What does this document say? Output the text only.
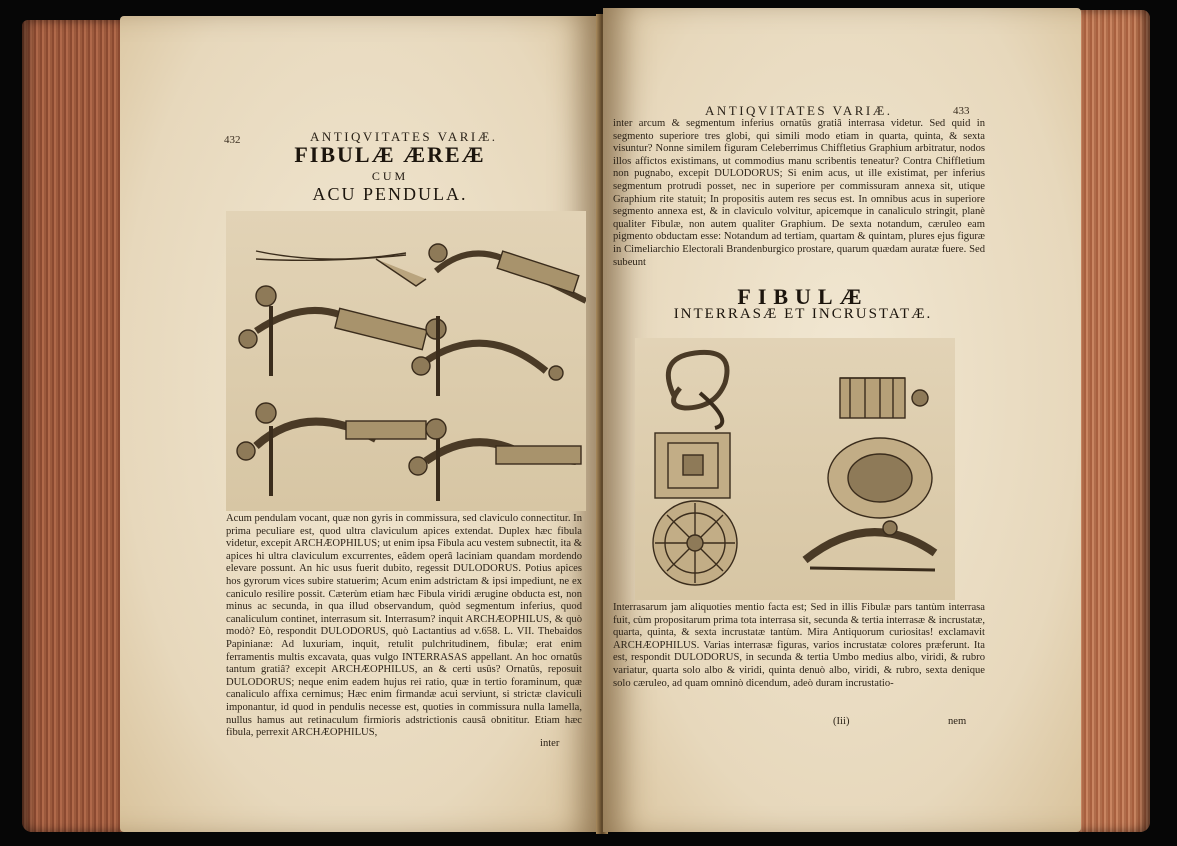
432	ANTIQVITATES VARIÆ.
FIBULÆ ÆREÆ
CUM
ACU PENDULA.
Acum pendulam vocant, quæ non gyris in commissura, sed claviculo connectitur. In prima peculiare est, quod ultra claviculum apices extendat. Duplex hæc fibula videtur, excepit ARCHÆOPHILUS; ut enim ipsa Fibula acu vestem subnectit, ita & apices hi ultra claviculum excurrentes, eâdem operâ laciniam quandam mordendo elevare possunt. An hic usus fuerit dubito, regessit DULODORUS. Potius apices hos gyrorum vices subire statuerim; Acum enim adstrictam & ipsi impediunt, ne ex caniculo resilire possit. Cæterùm etiam hæc Fibula viridi ærugine obducta est, non minus ac secunda, in qua illud observandum, quòd segmentum inferius, quod canaliculum continet, interrasum sit. Interrasum? inquit ARCHÆOPHILUS, & quò modò? Eò, respondit DULODORUS, quò Lactantius ad v.658. L. VII. Thebaidos Papinianæ: Ad luxuriam, inquit, retulit pulchritudinem, fibulæ; erat enim ferramentis multis excavata, quas vulgo INTERRASAS appellant. An hoc ornatûs tantum gratiâ? excepit ARCHÆOPHILUS, an & certi usûs? Ornatûs, reposuit DULODORUS; neque enim eadem hujus rei ratio, quæ in tertio foraminum, quæ canaliculo affixa cernimus; Hæc enim firmandæ acui serviunt, si strictæ claviculi imponantur, id quod in pendulis necesse est, quoties in commissura nulla lamella, nullus hamus aut retinaculum firmioris adstrictionis causâ obnititur. Etiam hæc fibula, perrexit ARCHÆOPHILUS,
inter
ANTIQVITATES VARIÆ.	433
inter arcum & segmentum inferius ornatûs gratiâ interrasa videtur. Sed quid in segmento superiore tres globi, qui simili modo etiam in quarta, quinta, & sexta visuntur? Nonne similem figuram Celeberrimus Chiffletius Graphium arbitratur, nodos illos affictos existimans, ut commodius manu scribentis teneatur? Contra Chiffletium non pugnabo, excepit DULODORUS; Si enim acus, ut ille existimat, per inferius segmentum protrudi posset, nec in superiore per commissuram annexa sit, utique Graphium rite statuit; In propositis autem res secus est. In omnibus acus in superiore segmento annexa est, & in claviculo volvitur, apicemque in canaliculo stringit, planè qualiter Fibulæ, non autem qualiter Graphium. De sexta notandum, cæruleo eam pigmento obductam esse: Notandum ad tertiam, quartam & quintam, plures ejus figuræ in Cimeliarchio Electorali Brandenburgico prostare, quarum quædam auratæ fuere. Sed subeunt
FIBULÆ
INTERRASÆ ET INCRUSTATÆ.
Interrasarum jam aliquoties mentio facta est; Sed in illis Fibulæ pars tantùm interrasa fuit, cùm propositarum prima tota interrasa sit, secunda & tertia interrasæ & incrustatæ, quarta, quinta, & sexta incrustatæ tantùm. Mira Antiquorum curiositas! exclamavit ARCHÆOPHILUS. Varias interrasæ figuras, varios incrustatæ colores præferunt. Ita est, respondit DULODORUS, in secunda & tertia Umbo medius albo, viridi, & rubro variatur, quarta solo albo & viridi, quinta denuò albo, viridi, & rubro, sexta denique solo cæruleo, ad quam omninò dicendum, adeò duram incrustatio-
(Iii)	nem
